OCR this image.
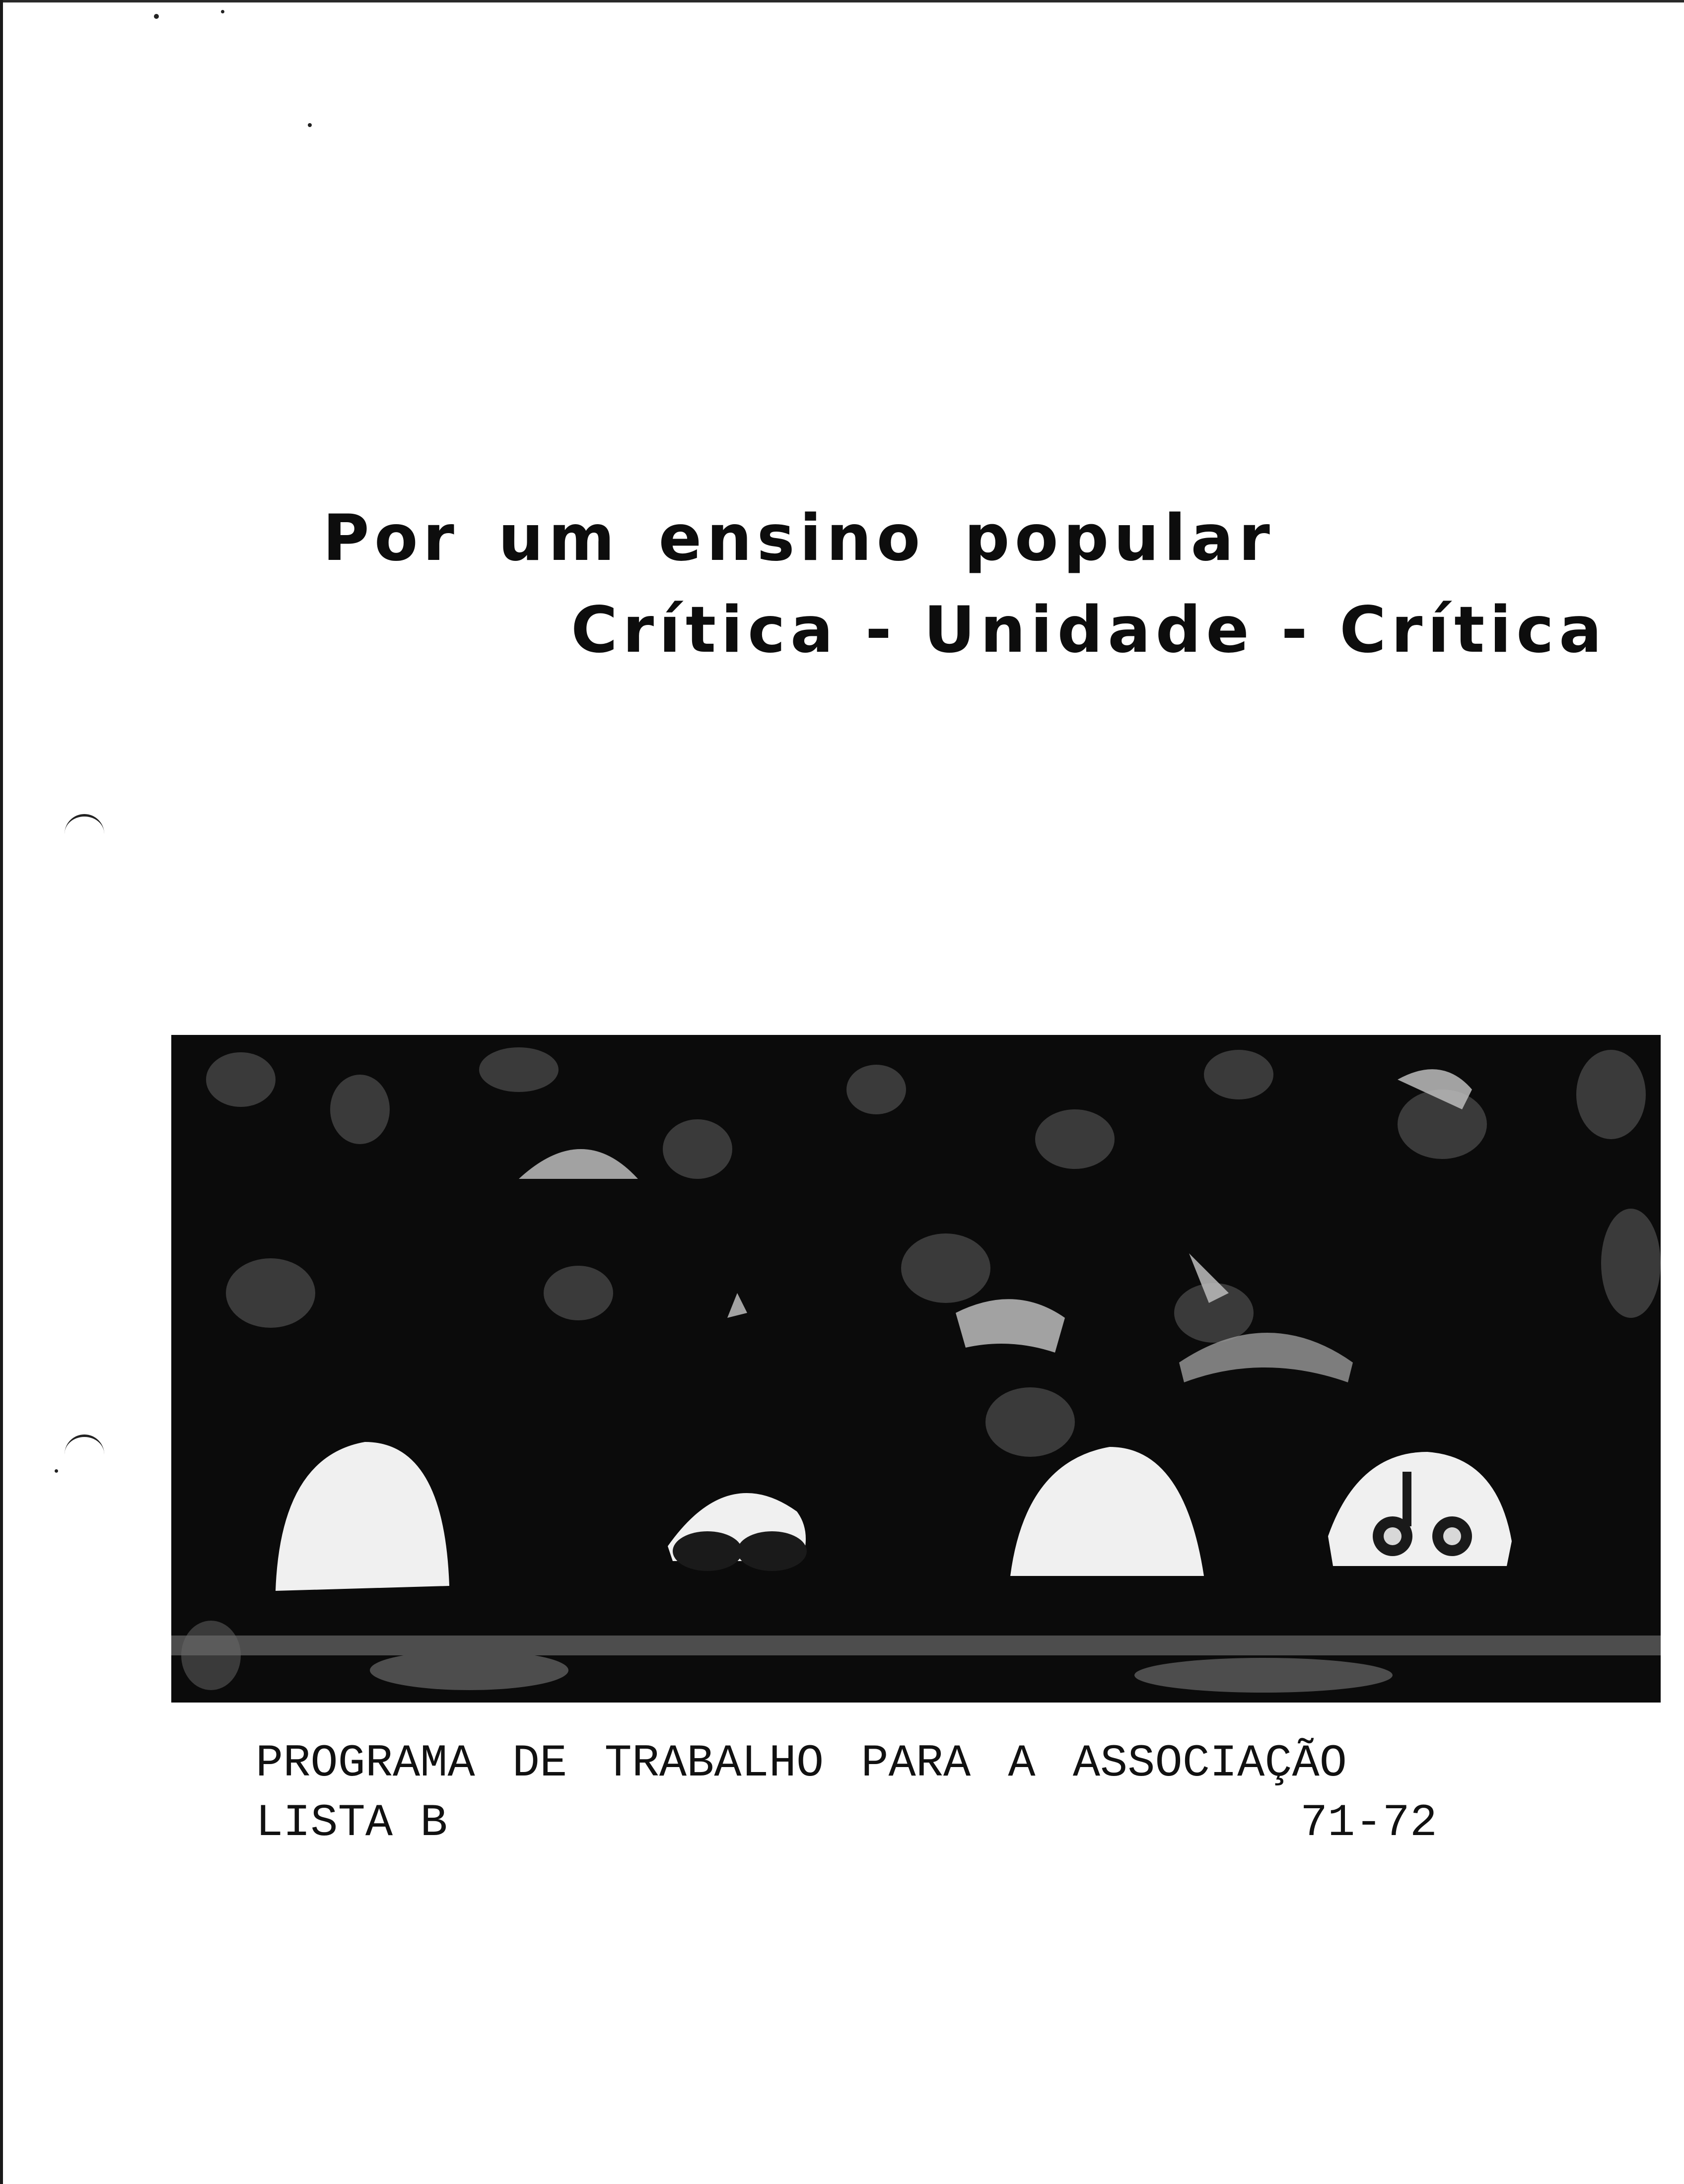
Por um ensino popular
Crítica - Unidade - Crítica
PROGRAMA DE TRABALHO PARA A ASSOCIAÇÃO
LISTA B	71-72
